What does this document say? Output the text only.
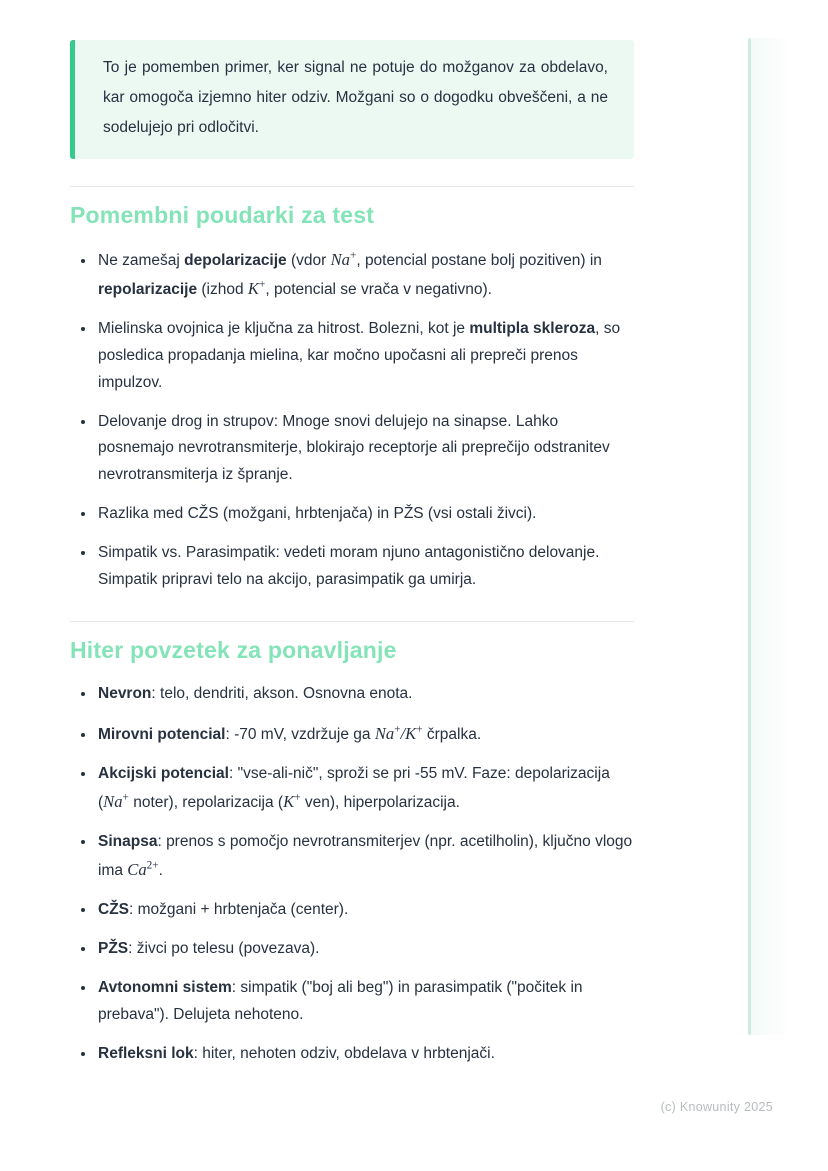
To je pomemben primer, ker signal ne potuje do možganov za obdelavo, kar omogoča izjemno hiter odziv. Možgani so o dogodku obveščeni, a ne sodelujejo pri odločitvi.

Pomembni poudarki za test
• Ne zamešaj depolarizacije (vdor Na+, potencial postane bolj pozitiven) in repolarizacije (izhod K+, potencial se vrača v negativno).
• Mielinska ovojnica je ključna za hitrost. Bolezni, kot je multipla skleroza, so posledica propadanja mielina, kar močno upočasni ali prepreči prenos impulzov.
• Delovanje drog in strupov: Mnoge snovi delujejo na sinapse. Lahko posnemajo nevrotransmiterje, blokirajo receptorje ali preprečijo odstranitev nevrotransmiterja iz špranje.
• Razlika med CŽS (možgani, hrbtenjača) in PŽS (vsi ostali živci).
• Simpatik vs. Parasimpatik: vedeti moram njuno antagonistično delovanje. Simpatik pripravi telo na akcijo, parasimpatik ga umirja.
Hiter povzetek za ponavljanje
• Nevron: telo, dendriti, akson. Osnovna enota.
• Mirovni potencial: -70 mV, vzdržuje ga Na+/K+ črpalka.
• Akcijski potencial: "vse-ali-nič", sproži se pri -55 mV. Faze: depolarizacija (Na+ noter), repolarizacija (K+ ven), hiperpolarizacija.
• Sinapsa: prenos s pomočjo nevrotransmiterjev (npr. acetilholin), ključno vlogo ima $Ca^{2+}$.
• CŽS: možgani + hrbtenjača (center).
• PŽS: živci po telesu (povezava).
• Avtonomni sistem: simpatik ("boj ali beg") in parasimpatik ("počitek in prebava"). Delujeta nehoteno.
• Refleksni lok: hiter, nehoten odziv, obdelava v hrbtenjači.
(c) Knowunity 2025
